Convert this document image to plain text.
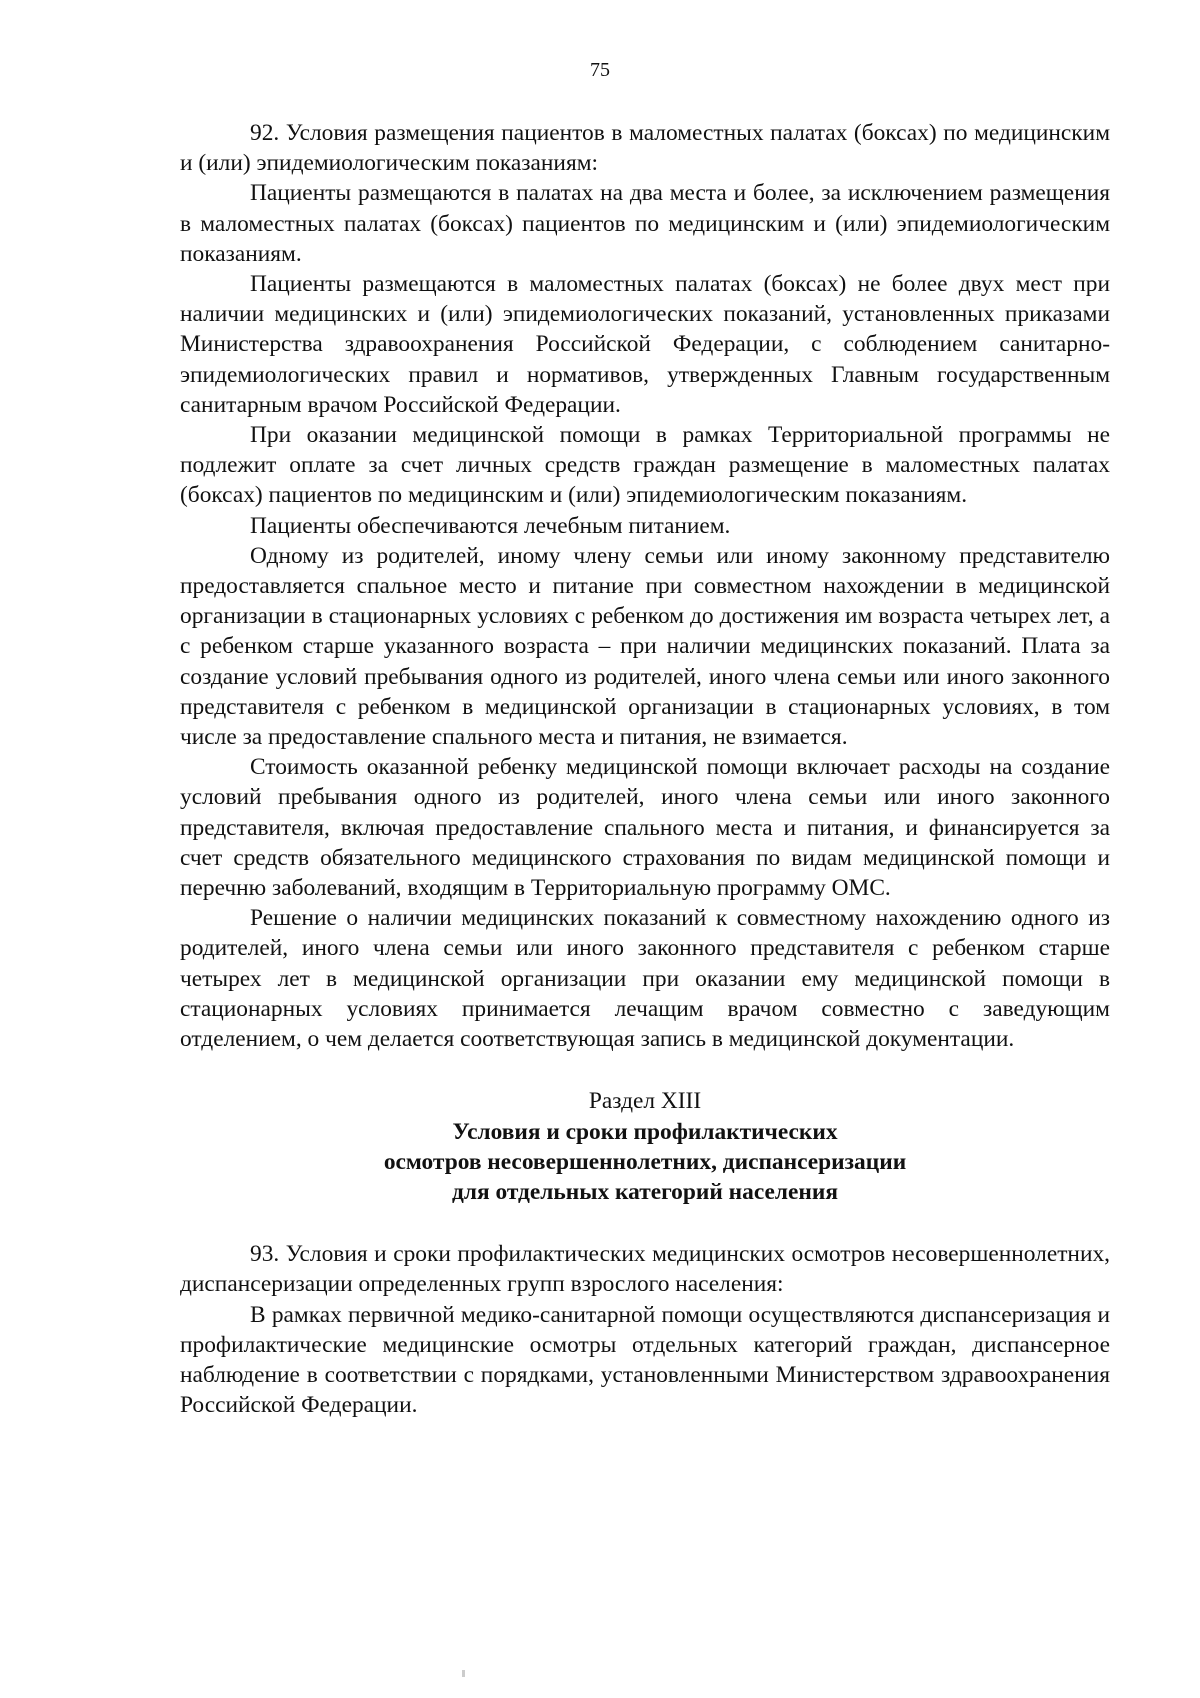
75

92. Условия размещения пациентов в маломестных палатах (боксах) по медицинским и (или) эпидемиологическим показаниям:

Пациенты размещаются в палатах на два места и более, за исключением размещения в маломестных палатах (боксах) пациентов по медицинским и (или) эпидемиологическим показаниям.

Пациенты размещаются в маломестных палатах (боксах) не более двух мест при наличии медицинских и (или) эпидемиологических показаний, установленных приказами Министерства здравоохранения Российской Федерации, с соблюдением санитарно-эпидемиологических правил и нормативов, утвержденных Главным государственным санитарным врачом Российской Федерации.

При оказании медицинской помощи в рамках Территориальной программы не подлежит оплате за счет личных средств граждан размещение в маломестных палатах (боксах) пациентов по медицинским и (или) эпидемиологическим показаниям.

Пациенты обеспечиваются лечебным питанием.

Одному из родителей, иному члену семьи или иному законному представителю предоставляется спальное место и питание при совместном нахождении в медицинской организации в стационарных условиях с ребенком до достижения им возраста четырех лет, а с ребенком старше указанного возраста – при наличии медицинских показаний. Плата за создание условий пребывания одного из родителей, иного члена семьи или иного законного представителя с ребенком в медицинской организации в стационарных условиях, в том числе за предоставление спального места и питания, не взимается.

Стоимость оказанной ребенку медицинской помощи включает расходы на создание условий пребывания одного из родителей, иного члена семьи или иного законного представителя, включая предоставление спального места и питания, и финансируется за счет средств обязательного медицинского страхования по видам медицинской помощи и перечню заболеваний, входящим в Территориальную программу ОМС.

Решение о наличии медицинских показаний к совместному нахождению одного из родителей, иного члена семьи или иного законного представителя с ребенком старше четырех лет в медицинской организации при оказании ему медицинской помощи в стационарных условиях принимается лечащим врачом совместно с заведующим отделением, о чем делается соответствующая запись в медицинской документации.

Раздел XIII

Условия и сроки профилактических
осмотров несовершеннолетних, диспансеризации
для отдельных категорий населения

93. Условия и сроки профилактических медицинских осмотров несовершеннолетних, диспансеризации определенных групп взрослого населения:

В рамках первичной медико-санитарной помощи осуществляются диспансеризация и профилактические медицинские осмотры отдельных категорий граждан, диспансерное наблюдение в соответствии с порядками, установленными Министерством здравоохранения Российской Федерации.
